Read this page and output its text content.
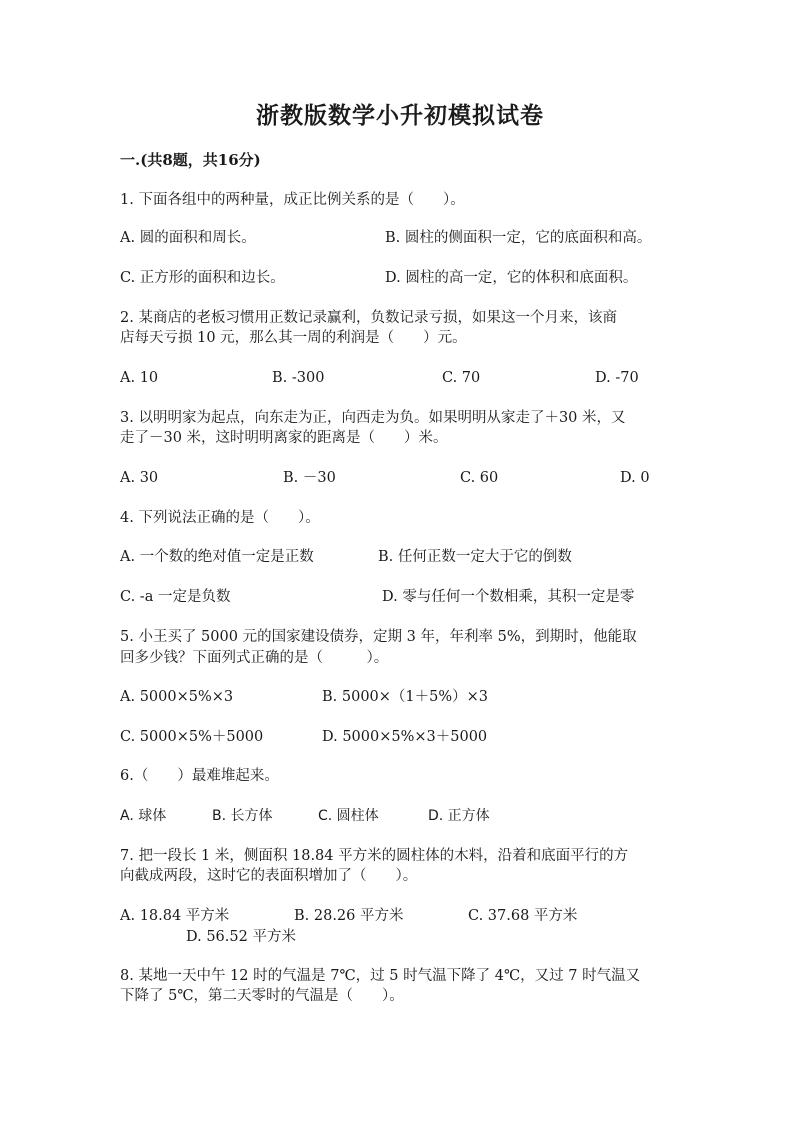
浙教版数学小升初模拟试卷
一.(共8题，共16分)
1. 下面各组中的两种量，成正比例关系的是（　　）。
A. 圆的面积和周长。	B. 圆柱的侧面积一定，它的底面积和高。
C. 正方形的面积和边长。	D. 圆柱的高一定，它的体积和底面积。
2. 某商店的老板习惯用正数记录赢利，负数记录亏损，如果这一个月来，该商
店每天亏损 10 元，那么其一周的利润是（　　）元。
A. 10	B. -300	C. 70	D. -70
3. 以明明家为起点，向东走为正，向西走为负。如果明明从家走了＋30 米，又
走了－30 米，这时明明离家的距离是（　　）米。
A. 30	B. －30	C. 60	D. 0
4. 下列说法正确的是（　　）。
A. 一个数的绝对值一定是正数	B. 任何正数一定大于它的倒数
C. -a 一定是负数	D. 零与任何一个数相乘，其积一定是零
5. 小王买了 5000 元的国家建设债券，定期 3 年，年利率 5%，到期时，他能取
回多少钱？下面列式正确的是（　　　）。
A. 5000×5%×3	B. 5000×（1＋5%）×3
C. 5000×5%＋5000	D. 5000×5%×3＋5000
6.（　　）最难堆起来。
A. 球体	B. 长方体	C. 圆柱体	D. 正方体
7. 把一段长 1 米，侧面积 18.84 平方米的圆柱体的木料，沿着和底面平行的方
向截成两段，这时它的表面积增加了（　　）。
A. 18.84 平方米	B. 28.26 平方米	C. 37.68 平方米
D. 56.52 平方米
8. 某地一天中午 12 时的气温是 7℃，过 5 时气温下降了 4℃，又过 7 时气温又
下降了 5℃，第二天零时的气温是（　　）。
